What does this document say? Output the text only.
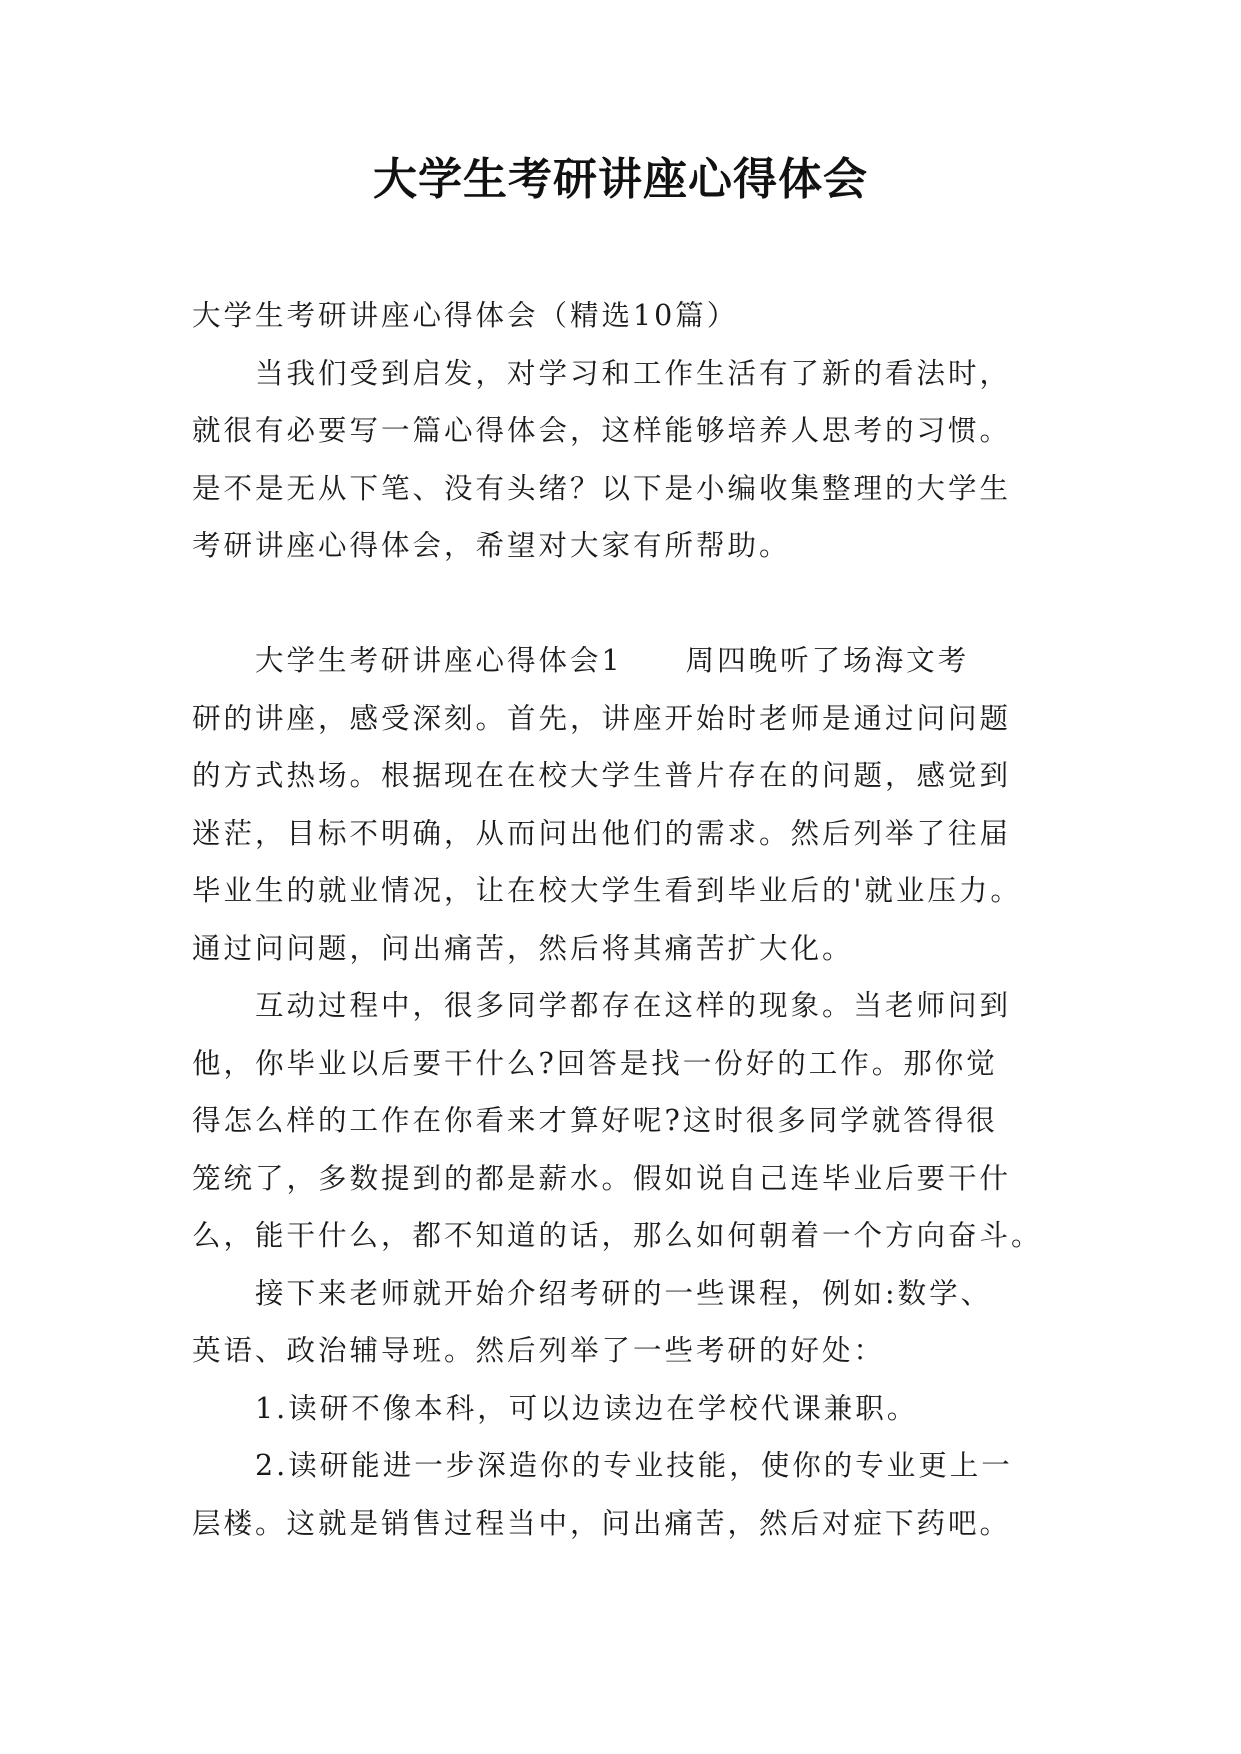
大学生考研讲座心得体会
大学生考研讲座心得体会（精选10篇）
　　当我们受到启发，对学习和工作生活有了新的看法时，
就很有必要写一篇心得体会，这样能够培养人思考的习惯。
是不是无从下笔、没有头绪？以下是小编收集整理的大学生
考研讲座心得体会，希望对大家有所帮助。
　　大学生考研讲座心得体会1　　周四晚听了场海文考
研的讲座，感受深刻。首先，讲座开始时老师是通过问问题
的方式热场。根据现在在校大学生普片存在的问题，感觉到
迷茫，目标不明确，从而问出他们的需求。然后列举了往届
毕业生的就业情况，让在校大学生看到毕业后的'就业压力。
通过问问题，问出痛苦，然后将其痛苦扩大化。
　　互动过程中，很多同学都存在这样的现象。当老师问到
他，你毕业以后要干什么?回答是找一份好的工作。那你觉
得怎么样的工作在你看来才算好呢?这时很多同学就答得很
笼统了，多数提到的都是薪水。假如说自己连毕业后要干什
么，能干什么，都不知道的话，那么如何朝着一个方向奋斗。
　　接下来老师就开始介绍考研的一些课程，例如:数学、
英语、政治辅导班。然后列举了一些考研的好处：
　　1.读研不像本科，可以边读边在学校代课兼职。
　　2.读研能进一步深造你的专业技能，使你的专业更上一
层楼。这就是销售过程当中，问出痛苦，然后对症下药吧。
